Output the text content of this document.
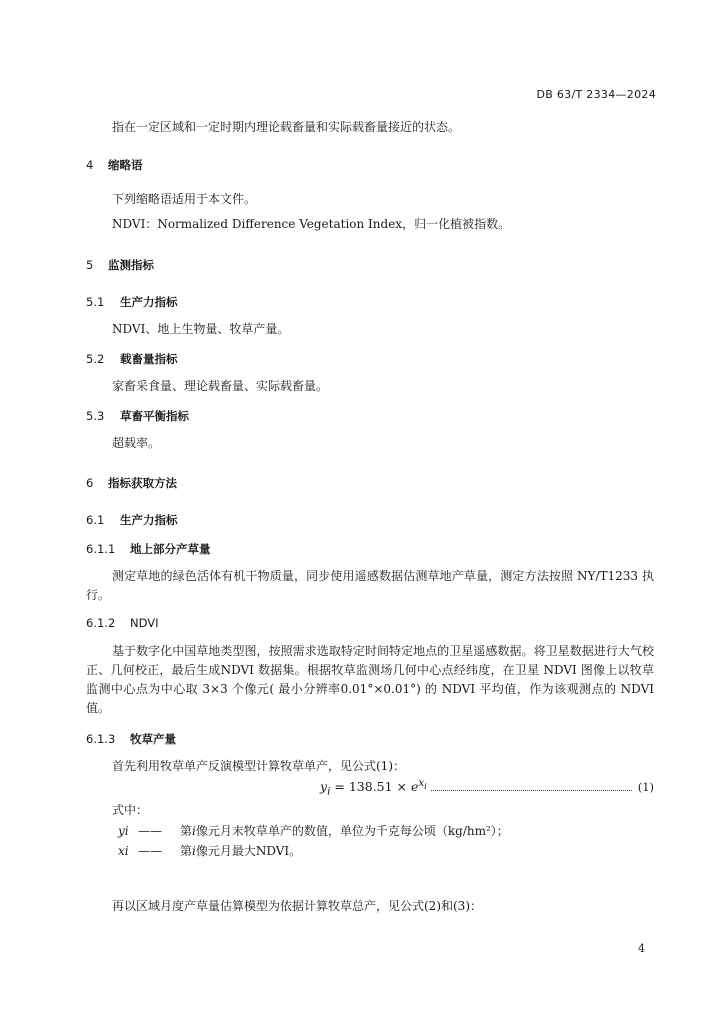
DB 63/T 2334—2024
指在一定区域和一定时期内理论载畜量和实际载畜量接近的状态。
4 缩略语
下列缩略语适用于本文件。
NDVI：Normalized Difference Vegetation Index，归一化植被指数。
5 监测指标
5.1 生产力指标
NDVI、地上生物量、牧草产量。
5.2 载畜量指标
家畜采食量、理论载畜量、实际载畜量。
5.3 草畜平衡指标
超载率。
6 指标获取方法
6.1 生产力指标
6.1.1 地上部分产草量
测定草地的绿色活体有机干物质量，同步使用遥感数据估测草地产草量，测定方法按照 NY/T1233 执行。
6.1.2 NDVI
基于数字化中国草地类型图，按照需求选取特定时间特定地点的卫星遥感数据。将卫星数据进行大气校正、几何校正，最后生成NDVI 数据集。根据牧草监测场几何中心点经纬度，在卫星 NDVI 图像上以牧草监测中心点为中心取 3×3 个像元( 最小分辨率0.01°×0.01°) 的 NDVI 平均值，作为该观测点的 NDVI 值。
6.1.3 牧草产量
首先利用牧草单产反演模型计算牧草单产，见公式(1)：
$y_i = 138.51 \times e^{x_i}$	(1)
式中：
yi —— 第i像元月末牧草单产的数值，单位为千克每公顷（kg/hm²）；
xi —— 第i像元月最大NDVI。
再以区域月度产草量估算模型为依据计算牧草总产，见公式(2)和(3)：
4
